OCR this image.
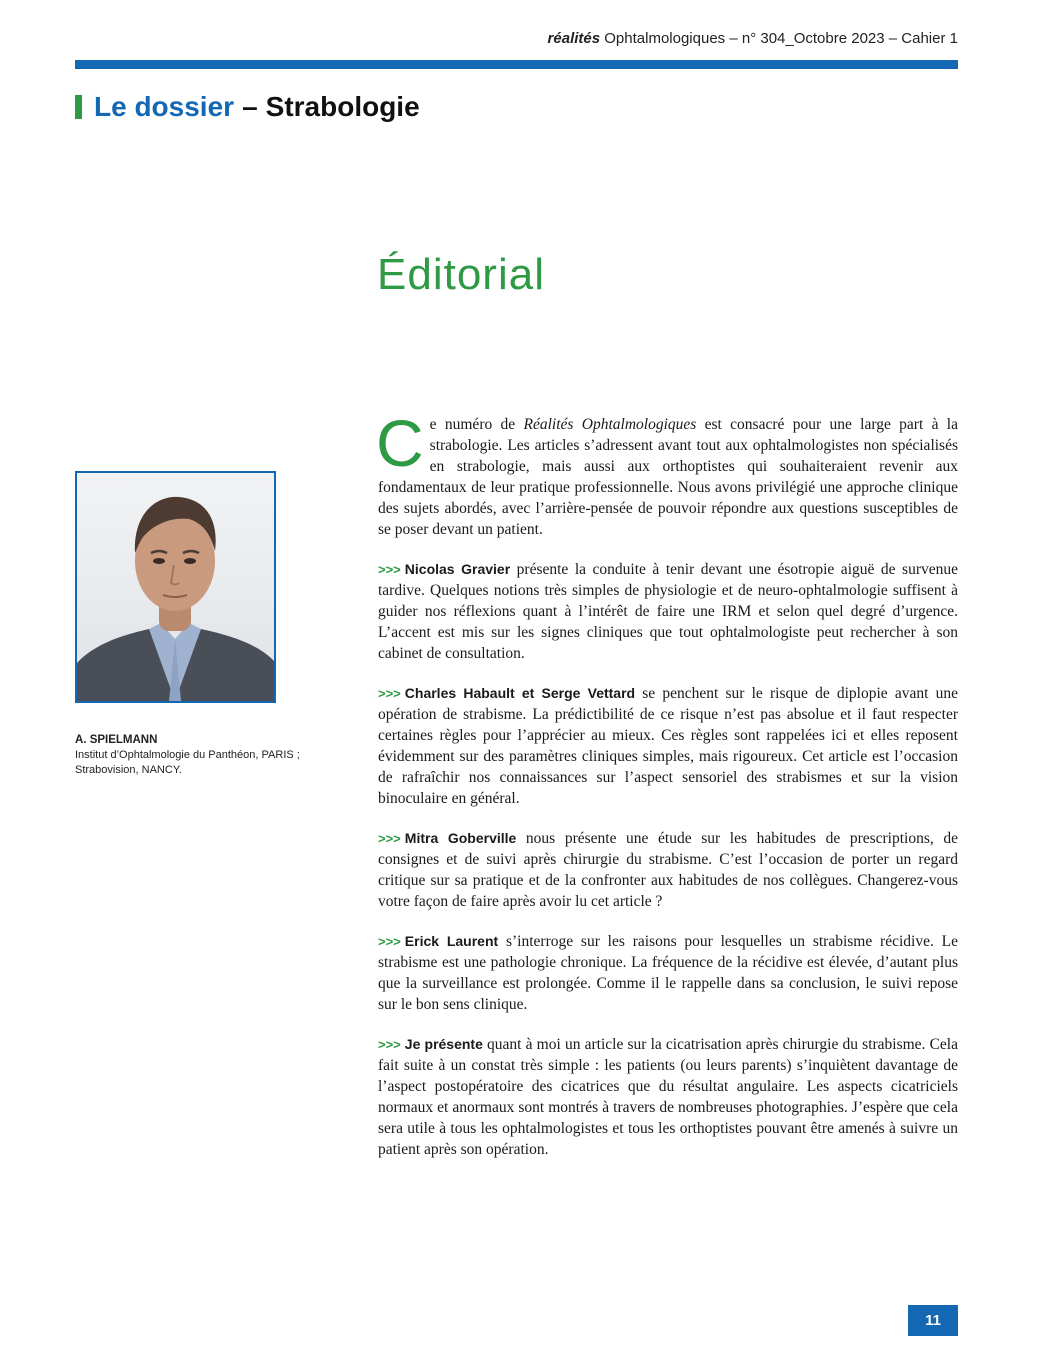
réalités Ophtalmologiques – n° 304_Octobre 2023 – Cahier 1
Le dossier – Strabologie
Éditorial
A. SPIELMANN
Institut d’Ophtalmologie du Panthéon, PARIS ;
Strabovision, NANCY.

Ce numéro de Réalités Ophtalmologiques est consacré pour une large part à la strabologie. Les articles s’adressent avant tout aux ophtalmologistes non spécialisés en strabologie, mais aussi aux orthoptistes qui souhaiteraient revenir aux fondamentaux de leur pratique professionnelle. Nous avons privilégié une approche clinique des sujets abordés, avec l’arrière-pensée de pouvoir répondre aux questions susceptibles de se poser devant un patient.

>>> Nicolas Gravier présente la conduite à tenir devant une ésotropie aiguë de survenue tardive. Quelques notions très simples de physiologie et de neuro-ophtalmologie suffisent à guider nos réflexions quant à l’intérêt de faire une IRM et selon quel degré d’urgence. L’accent est mis sur les signes cliniques que tout ophtalmologiste peut rechercher à son cabinet de consultation.

>>> Charles Habault et Serge Vettard se penchent sur le risque de diplopie avant une opération de strabisme. La prédictibilité de ce risque n’est pas absolue et il faut respecter certaines règles pour l’apprécier au mieux. Ces règles sont rappelées ici et elles reposent évidemment sur des paramètres cliniques simples, mais rigoureux. Cet article est l’occasion de rafraîchir nos connaissances sur l’aspect sensoriel des strabismes et sur la vision binoculaire en général.

>>> Mitra Goberville nous présente une étude sur les habitudes de prescriptions, de consignes et de suivi après chirurgie du strabisme. C’est l’occasion de porter un regard critique sur sa pratique et de la confronter aux habitudes de nos collègues. Changerez-vous votre façon de faire après avoir lu cet article ?

>>> Erick Laurent s’interroge sur les raisons pour lesquelles un strabisme récidive. Le strabisme est une pathologie chronique. La fréquence de la récidive est élevée, d’autant plus que la surveillance est prolongée. Comme il le rappelle dans sa conclusion, le suivi repose sur le bon sens clinique.

>>> Je présente quant à moi un article sur la cicatrisation après chirurgie du strabisme. Cela fait suite à un constat très simple : les patients (ou leurs parents) s’inquiètent davantage de l’aspect postopératoire des cicatrices que du résultat angulaire. Les aspects cicatriciels normaux et anormaux sont montrés à travers de nombreuses photographies. J’espère que cela sera utile à tous les ophtalmologistes et tous les orthoptistes pouvant être amenés à suivre un patient après son opération.

11
